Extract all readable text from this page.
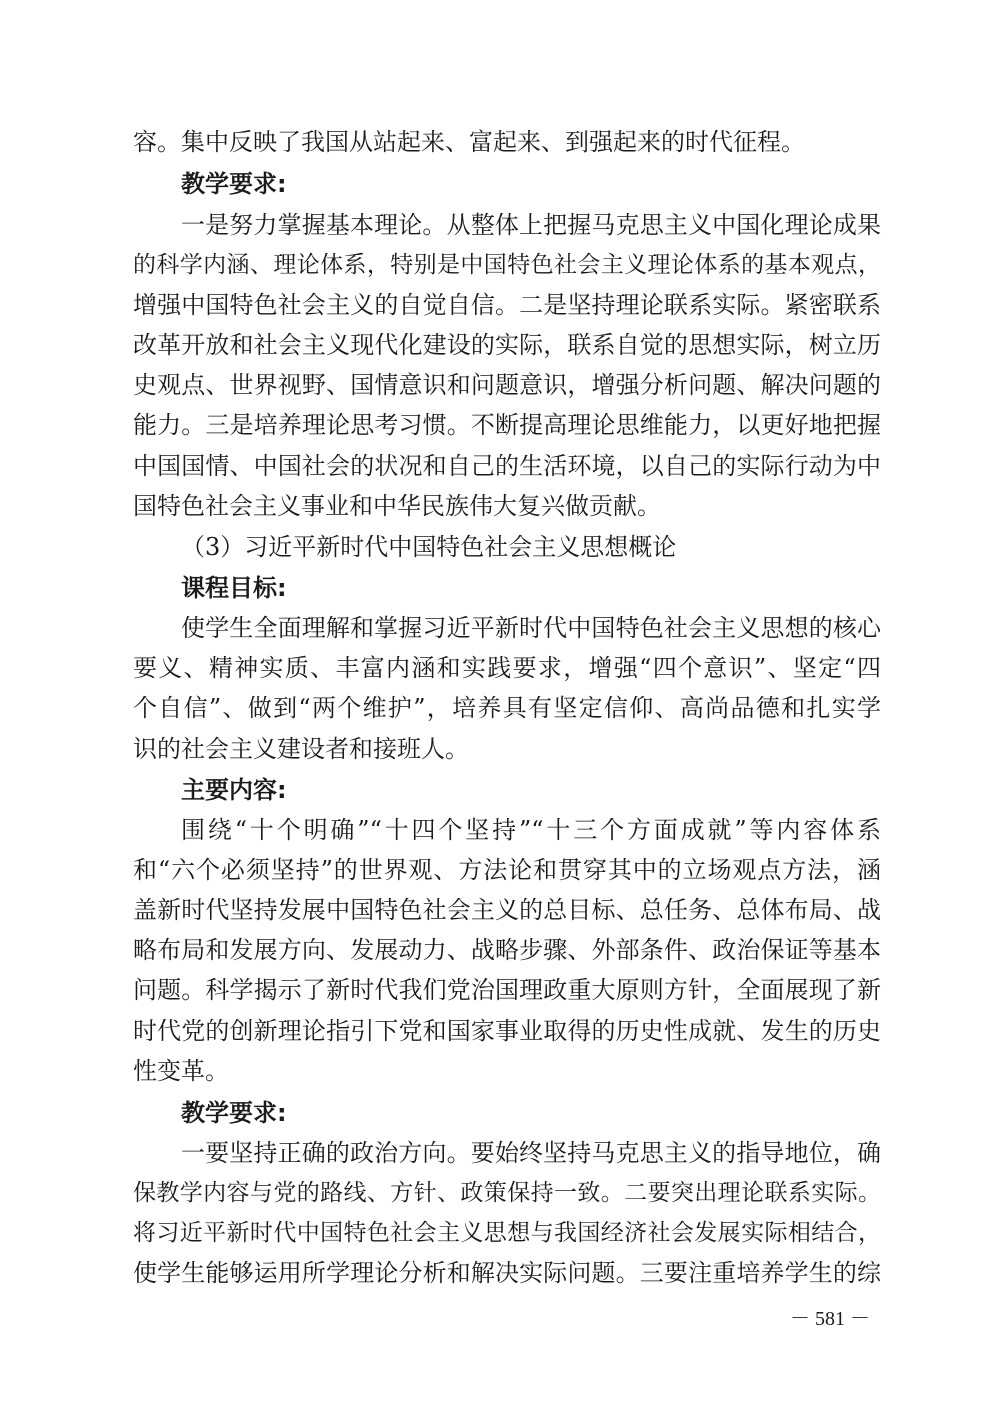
容。集中反映了我国从站起来、富起来、到强起来的时代征程。
教学要求:
一是努力掌握基本理论。从整体上把握马克思主义中国化理论成果
的科学内涵、理论体系，特别是中国特色社会主义理论体系的基本观点，
增强中国特色社会主义的自觉自信。二是坚持理论联系实际。紧密联系
改革开放和社会主义现代化建设的实际，联系自觉的思想实际，树立历
史观点、世界视野、国情意识和问题意识，增强分析问题、解决问题的
能力。三是培养理论思考习惯。不断提高理论思维能力，以更好地把握
中国国情、中国社会的状况和自己的生活环境，以自己的实际行动为中
国特色社会主义事业和中华民族伟大复兴做贡献。
（3）习近平新时代中国特色社会主义思想概论
课程目标:
使学生全面理解和掌握习近平新时代中国特色社会主义思想的核心
要义、精神实质、丰富内涵和实践要求，增强“四个意识”、坚定“四
个自信”、做到“两个维护”，培养具有坚定信仰、高尚品德和扎实学
识的社会主义建设者和接班人。
主要内容:
围绕“十个明确”“十四个坚持”“十三个方面成就”等内容体系
和“六个必须坚持”的世界观、方法论和贯穿其中的立场观点方法，涵
盖新时代坚持发展中国特色社会主义的总目标、总任务、总体布局、战
略布局和发展方向、发展动力、战略步骤、外部条件、政治保证等基本
问题。科学揭示了新时代我们党治国理政重大原则方针，全面展现了新
时代党的创新理论指引下党和国家事业取得的历史性成就、发生的历史
性变革。
教学要求:
一要坚持正确的政治方向。要始终坚持马克思主义的指导地位，确
保教学内容与党的路线、方针、政策保持一致。二要突出理论联系实际。
将习近平新时代中国特色社会主义思想与我国经济社会发展实际相结合，
使学生能够运用所学理论分析和解决实际问题。三要注重培养学生的综
－ 581 －
